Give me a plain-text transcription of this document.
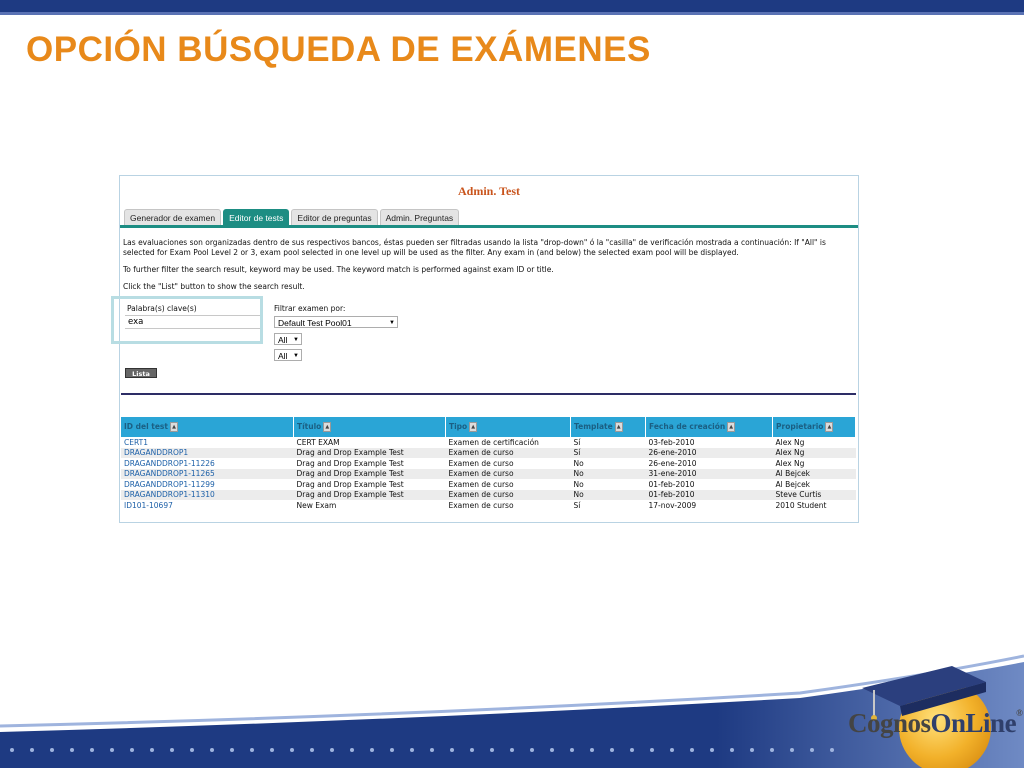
OPCIÓN BÚSQUEDA DE EXÁMENES
Admin. Test
Generador de examen	Editor de tests	Editor de preguntas	Admin. Preguntas

Las evaluaciones son organizadas dentro de sus respectivos bancos, éstas pueden ser filtradas usando la lista "drop-down" ó la "casilla" de verificación mostrada a continuación: If "All" is selected for Exam Pool Level 2 or 3, exam pool selected in one level up will be used as the filter. Any exam in (and below) the selected exam pool will be displayed.

To further filter the search result, keyword may be used. The keyword match is performed against exam ID or title.

Click the "List" button to show the search result.

Palabra(s) clave(s)
exa	Filtrar examen por:
Default Test Pool01	▼
All ▼
All ▼
Lista
ID del test ▲	Título ▲	Tipo ▲	Template ▲	Fecha de creación ▲	Propietario ▲
CERT1	CERT EXAM	Examen de certificación	Sí	03-feb-2010	Alex Ng
DRAGANDDROP1	Drag and Drop Example Test	Examen de curso	Sí	26-ene-2010	Alex Ng
DRAGANDDROP1-11226	Drag and Drop Example Test	Examen de curso	No	26-ene-2010	Alex Ng
DRAGANDDROP1-11265	Drag and Drop Example Test	Examen de curso	No	31-ene-2010	Al Bejcek
DRAGANDDROP1-11299	Drag and Drop Example Test	Examen de curso	No	01-feb-2010	Al Bejcek
DRAGANDDROP1-11310	Drag and Drop Example Test	Examen de curso	No	01-feb-2010	Steve Curtis
ID101-10697	New Exam	Examen de curso	Sí	17-nov-2009	2010 Student
CognosOnLine®
